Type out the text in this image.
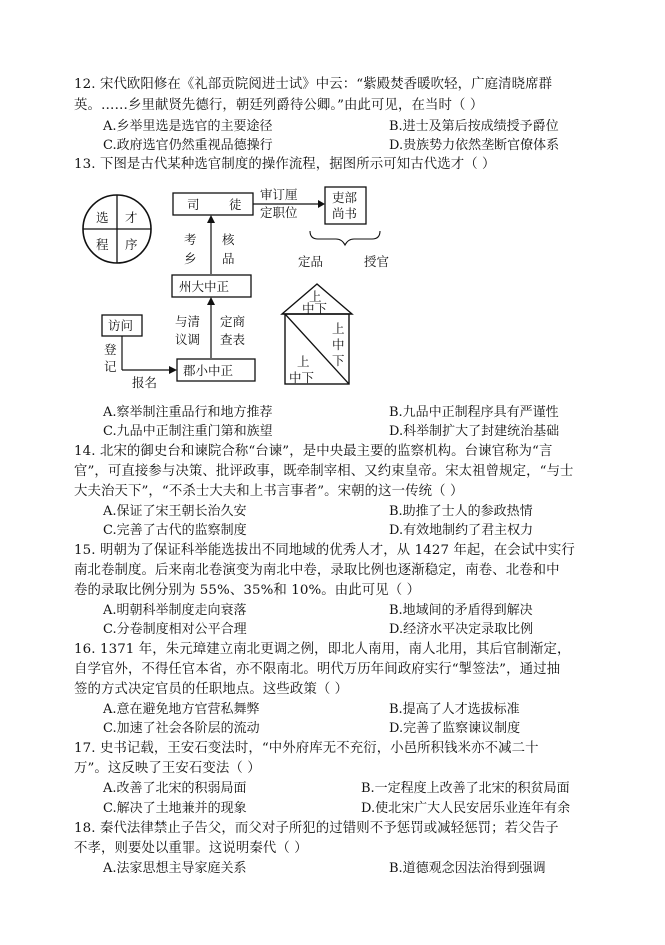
12. 宋代欧阳修在《礼部贡院阅进士试》中云：“紫殿焚香暖吹轻，广庭清晓席群
英。……乡里献贤先德行，朝廷列爵待公卿。”由此可见，在当时（ ）
A.乡举里选是选官的主要途径	B.进士及第后按成绩授予爵位
C.政府选官仍然重视品德操行	D.贵族势力依然垄断官僚体系
13. 下图是古代某种选官制度的操作流程，据图所示可知古代选才（ ）
选 才
程 序
司 徒
审订厘
定职位
吏部
尚书
定品	授官
考
乡
核
品
州大中正
与清
议调
定商
查表
访问
登
记
报名
郡小中正
上
中下
上
中
下
上
中下
A.察举制注重品行和地方推荐	B.九品中正制程序具有严谨性
C.九品中正制注重门第和族望	D.科举制扩大了封建统治基础
14. 北宋的御史台和谏院合称“台谏”，是中央最主要的监察机构。台谏官称为“言
官”，可直接参与决策、批评政事，既牵制宰相、又约束皇帝。宋太祖曾规定，“与士
大夫治天下”，“不杀士大夫和上书言事者”。宋朝的这一传统（ ）
A.保证了宋王朝长治久安	B.助推了士人的参政热情
C.完善了古代的监察制度	D.有效地制约了君主权力
15. 明朝为了保证科举能选拔出不同地域的优秀人才，从 1427 年起，在会试中实行
南北卷制度。后来南北卷演变为南北中卷，录取比例也逐渐稳定，南卷、北卷和中
卷的录取比例分别为 55%、35%和 10%。由此可见（ ）
A.明朝科举制度走向衰落	B.地域间的矛盾得到解决
C.分卷制度相对公平合理	D.经济水平决定录取比例
16. 1371 年，朱元璋建立南北更调之例，即北人南用，南人北用，其后官制渐定，
自学官外，不得任官本省，亦不限南北。明代万历年间政府实行“掣签法”，通过抽
签的方式决定官员的任职地点。这些政策（ ）
A.意在避免地方官营私舞弊	B.提高了人才选拔标准
C.加速了社会各阶层的流动	D.完善了监察谏议制度
17. 史书记载，王安石变法时，“中外府库无不充衍，小邑所积钱米亦不减二十
万”。这反映了王安石变法（ ）
A.改善了北宋的积弱局面	B.一定程度上改善了北宋的积贫局面
C.解决了土地兼并的现象	D.使北宋广大人民安居乐业连年有余
18. 秦代法律禁止子告父，而父对子所犯的过错则不予惩罚或减轻惩罚；若父告子
不孝，则要处以重罪。这说明秦代（ ）
A.法家思想主导家庭关系	B.道德观念因法治得到强调
